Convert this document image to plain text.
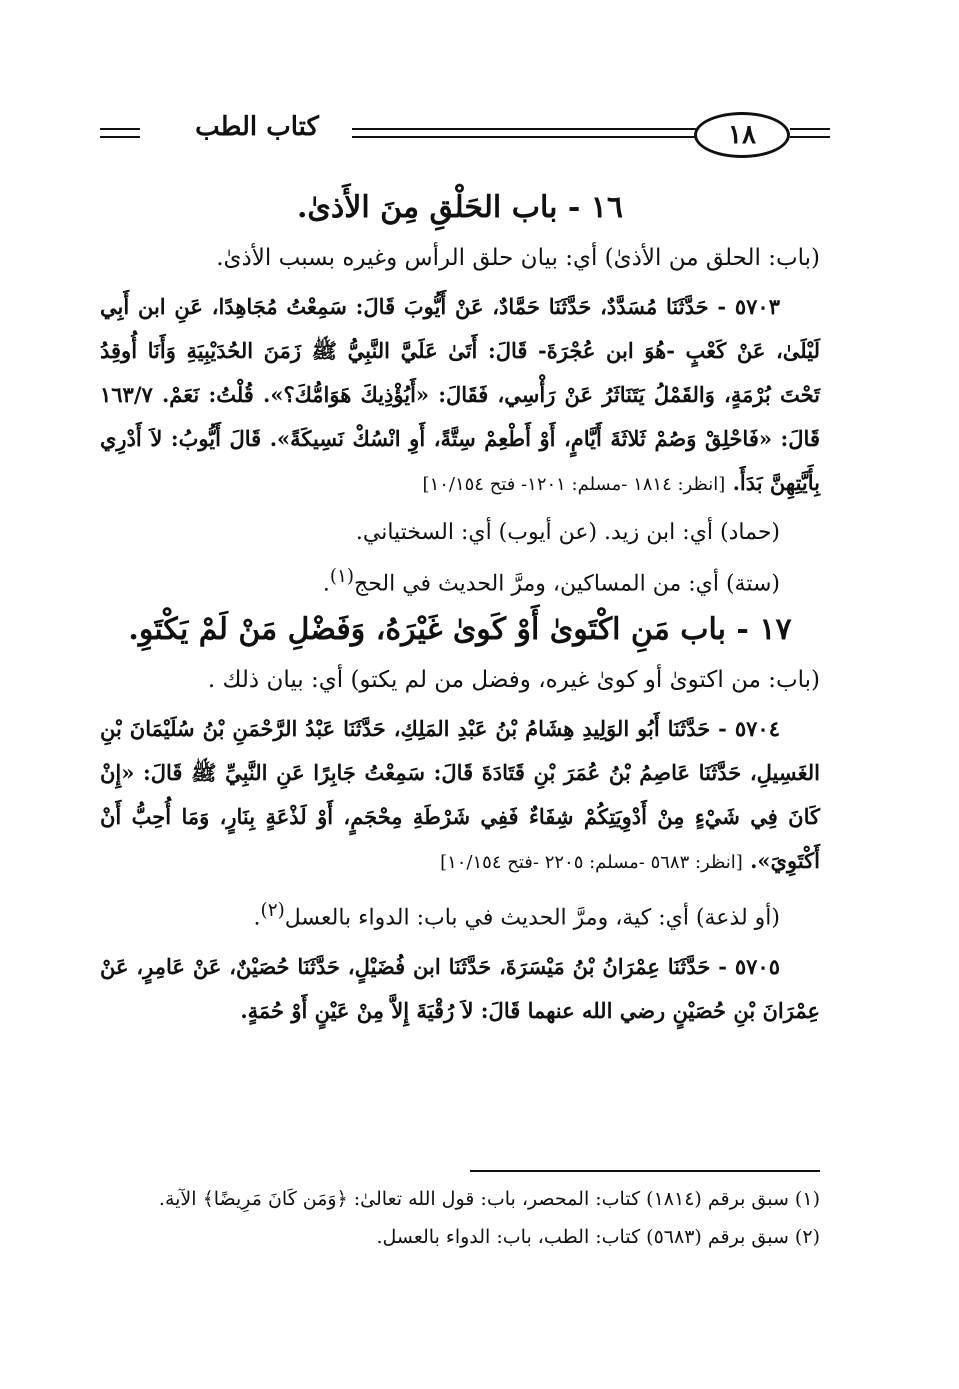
كتاب الطب	١٨

١٦ - باب الحَلْقِ مِنَ الأَذىٰ.

(باب: الحلق من الأذىٰ) أي: بيان حلق الرأس وغيره بسبب الأذىٰ.

٥٧٠٣ - حَدَّثَنَا مُسَدَّدٌ، حَدَّثَنَا حَمَّادٌ، عَنْ أَيُّوبَ قَالَ: سَمِعْتُ مُجَاهِدًا، عَنِ ابن أَبِي لَيْلَىٰ، عَنْ كَعْبٍ -هُوَ ابن عُجْرَةَ- قَالَ: أَتَىٰ عَلَيَّ النَّبِيُّ ﷺ زَمَنَ الحُدَيْبِيَةِ وَأَنَا أُوقِدُ تَحْتَ بُرْمَةٍ، وَالقَمْلُ يَتَنَاثَرُ عَنْ رَأْسِي، فَقَالَ: «أَيُؤْذِيكَ هَوَامُّكَ؟». قُلْتُ: نَعَمْ. ١٦٣/٧ قَالَ: «فَاحْلِقْ وَصُمْ ثَلاثَةَ أَيَّامٍ، أَوْ أَطْعِمْ سِتَّةً، أَوِ انْسُكْ نَسِيكَةً». قَالَ أَيُّوبُ: لاَ أَدْرِي بِأَيَّتِهِنَّ بَدَأَ. [انظر: ١٨١٤ -مسلم: ١٢٠١- فتح ١٠/١٥٤]

(حماد) أي: ابن زيد. (عن أيوب) أي: السختياني.

(ستة) أي: من المساكين، ومرَّ الحديث في الحج$^{(١)}$.

١٧ - باب مَنِ اكْتَوىٰ أَوْ كَوىٰ غَيْرَهُ، وَفَضْلِ مَنْ لَمْ يَكْتَوِ.

(باب: من اكتوىٰ أو كوىٰ غيره، وفضل من لم يكتو) أي: بيان ذلك .

٥٧٠٤ - حَدَّثَنَا أَبُو الوَلِيدِ هِشَامُ بْنُ عَبْدِ المَلِكِ، حَدَّثَنَا عَبْدُ الرَّحْمَنِ بْنُ سُلَيْمَانَ بْنِ الغَسِيلِ، حَدَّثَنَا عَاصِمُ بْنُ عُمَرَ بْنِ قَتَادَةَ قَالَ: سَمِعْتُ جَابِرًا عَنِ النَّبِيِّ ﷺ قَالَ: «إِنْ كَانَ فِي شَيْءٍ مِنْ أَدْوِيَتِكُمْ شِفَاءٌ فَفِي شَرْطَةِ مِحْجَمٍ، أَوْ لَذْعَةٍ بِنَارٍ، وَمَا أُحِبُّ أَنْ أَكْتَوِيَ». [انظر: ٥٦٨٣ -مسلم: ٢٢٠٥ -فتح ١٠/١٥٤]

(أو لذعة) أي: كية، ومرَّ الحديث في باب: الدواء بالعسل$^{(٢)}$.

٥٧٠٥ - حَدَّثَنَا عِمْرَانُ بْنُ مَيْسَرَةَ، حَدَّثَنَا ابن فُضَيْلٍ، حَدَّثَنَا حُصَيْنٌ، عَنْ عَامِرٍ، عَنْ عِمْرَانَ بْنِ حُصَيْنٍ رضي الله عنهما قَالَ: لاَ رُقْيَةَ إِلاَّ مِنْ عَيْنٍ أَوْ حُمَةٍ.

(١) سبق برقم (١٨١٤) كتاب: المحصر، باب: قول الله تعالىٰ: ﴿وَمَن كَانَ مَرِيضًا﴾ الآية.

(٢) سبق برقم (٥٦٨٣) كتاب: الطب، باب: الدواء بالعسل.
